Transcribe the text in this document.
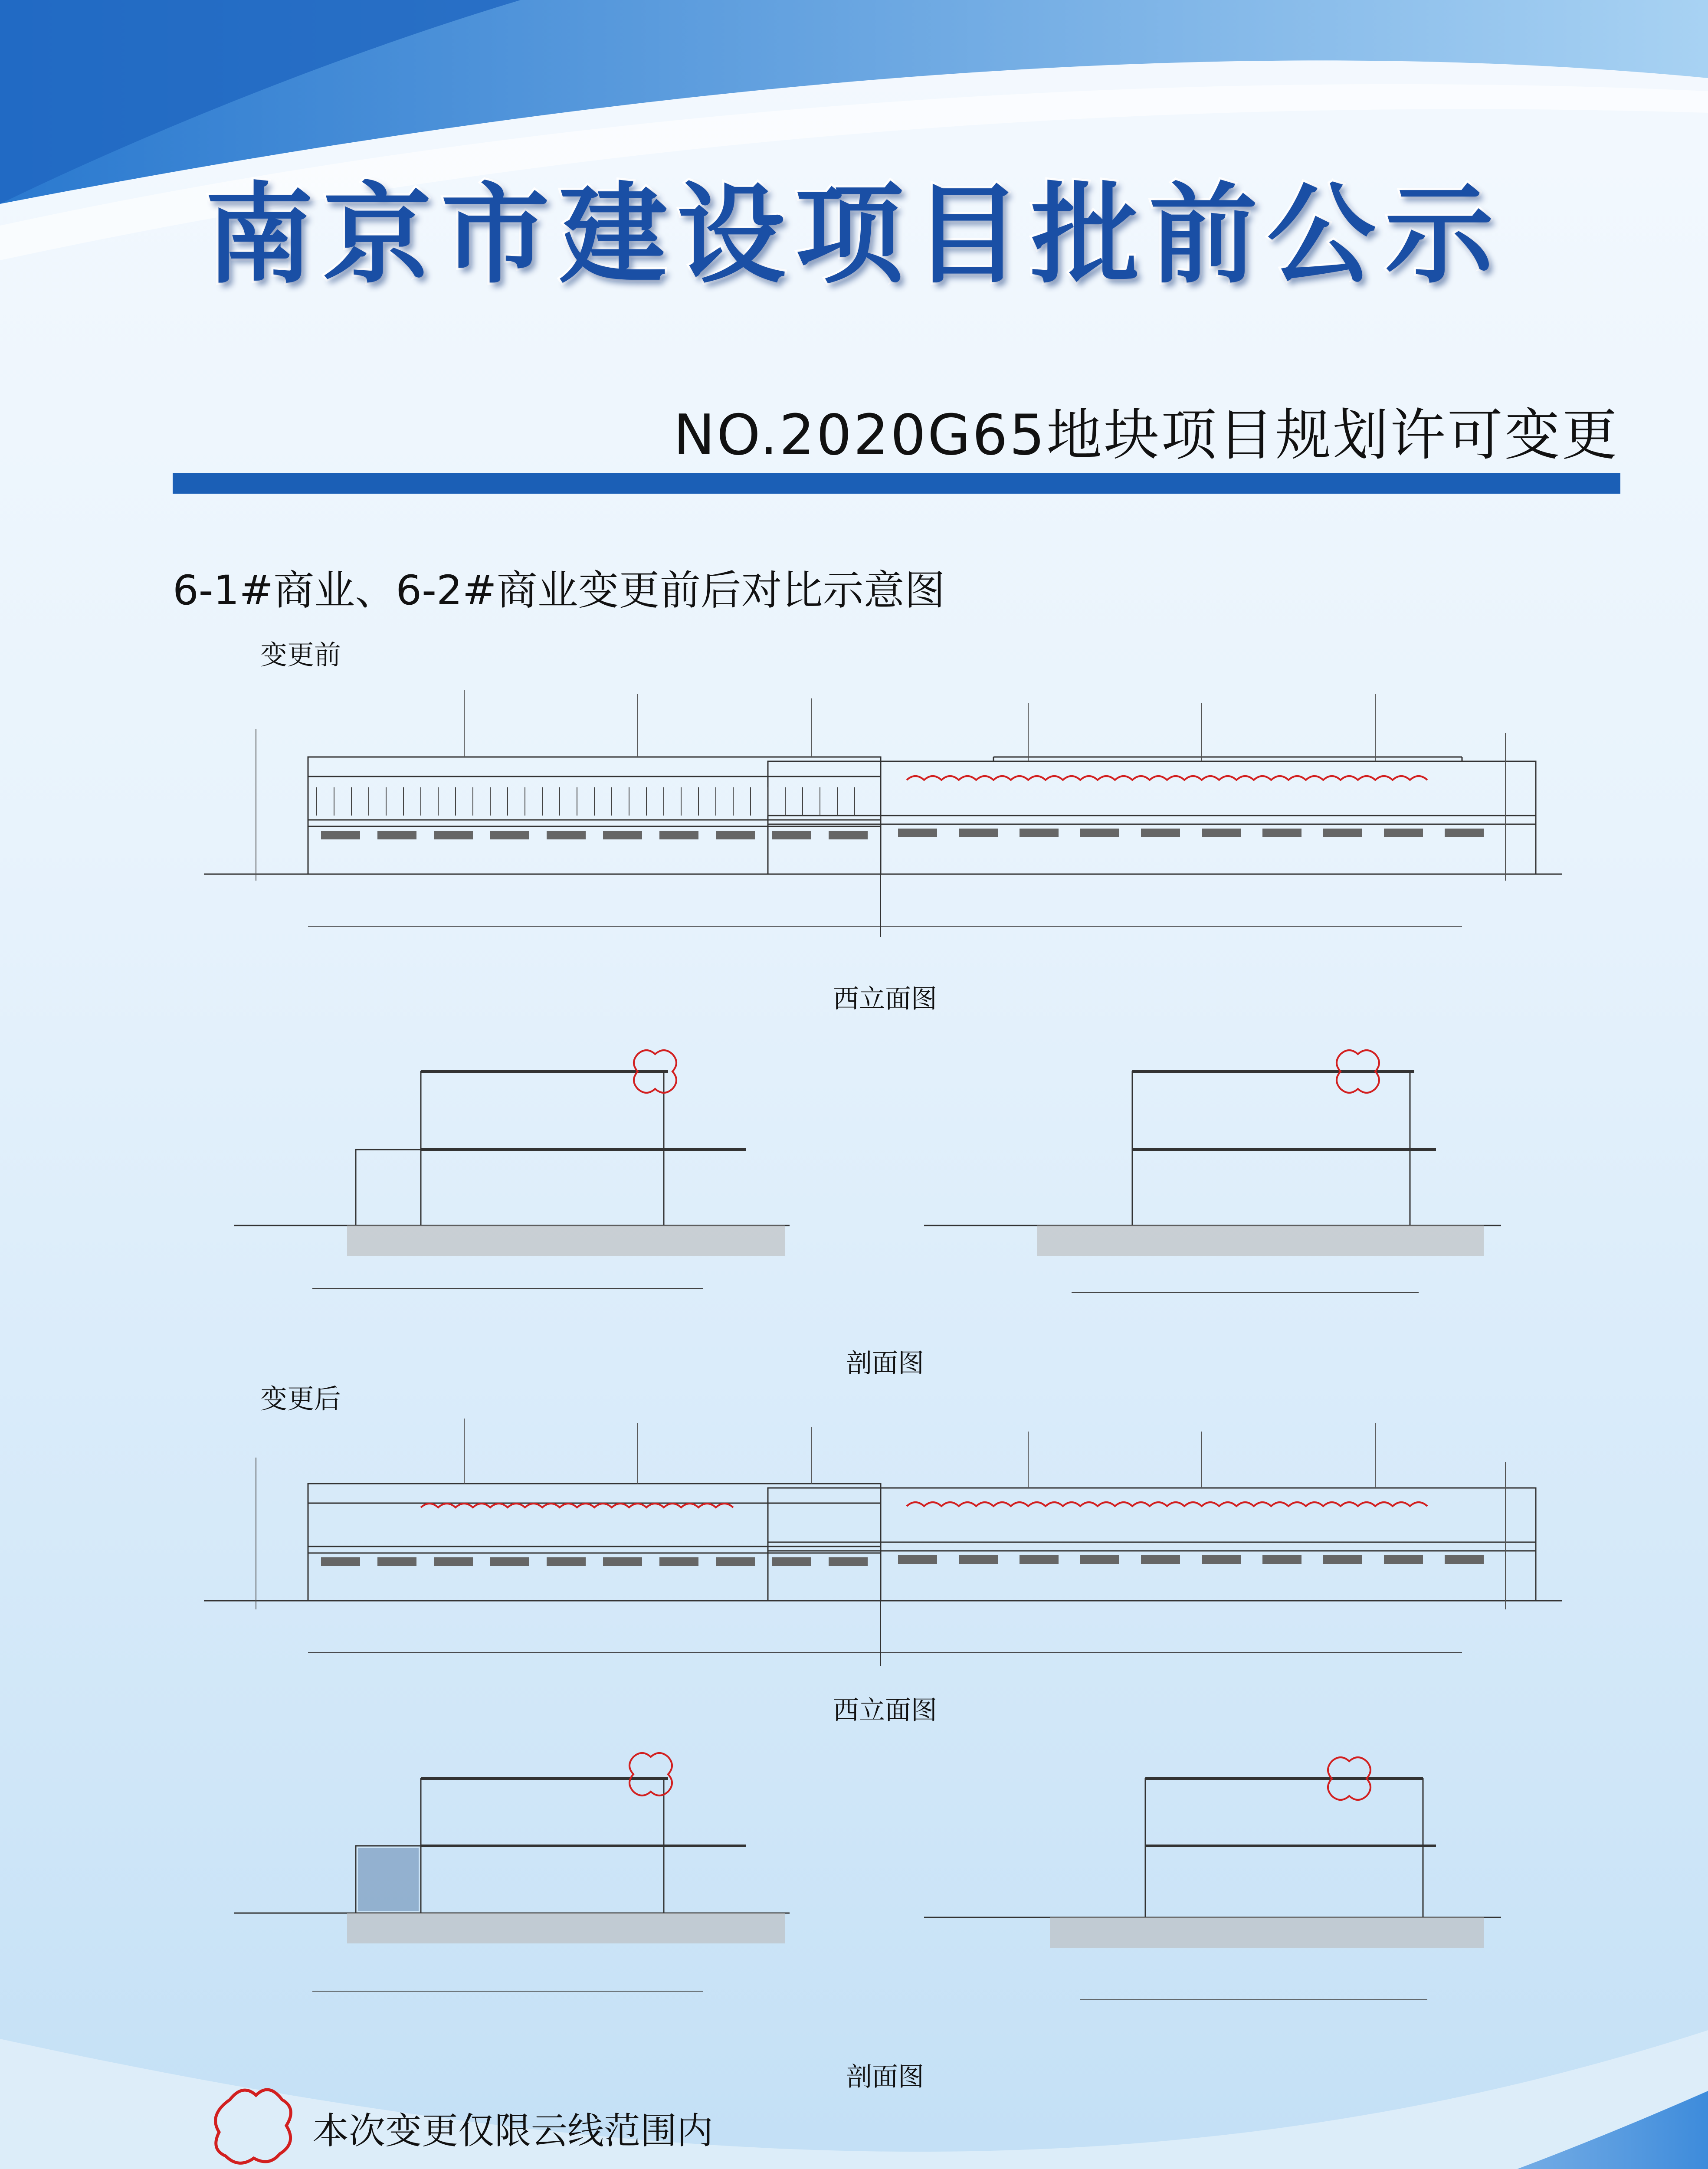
南京市建设项目批前公示
NO.2020G65地块项目规划许可变更
6-1#商业、6-2#商业变更前后对比示意图
变更前
西立面图
剖面图
变更后
西立面图
剖面图
本次变更仅限云线范围内
